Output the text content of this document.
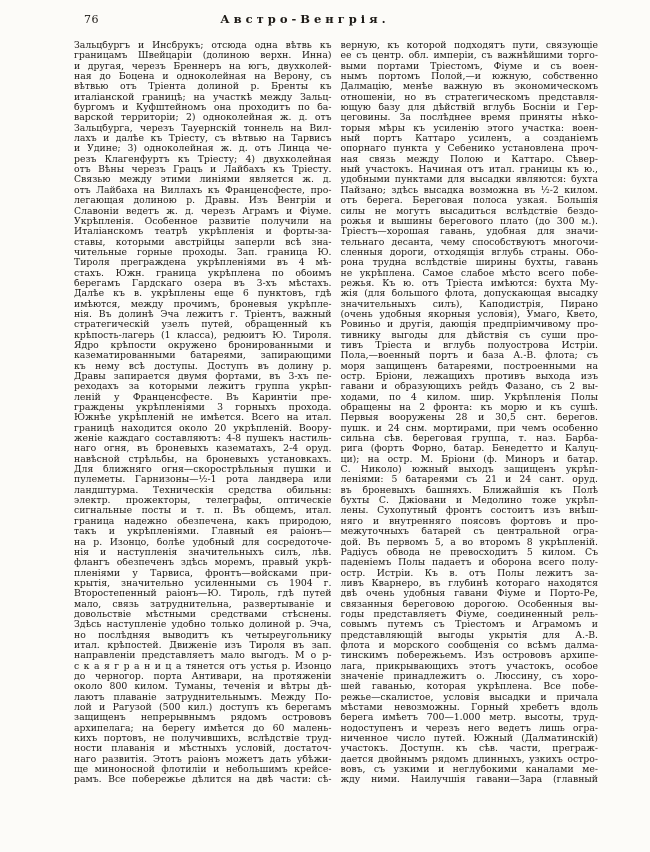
76	Австро-Венгрія.
Зальцбургъ и Инсбрукъ; отсюда одна вѣтвь къ
границамъ Швейцаріи (долиною верхн. Инна)
и другая, черезъ Бреннеръ на югъ, двухколей-
ная до Боцена и одноколейная на Верону, съ
вѣтвью отъ Тріента долиной р. Бренты къ
италіанской границѣ; на участкѣ между Зальц-
бургомъ и Куфштейномъ она проходитъ по ба-
варской территоріи; 2) одноколейная ж. д. отъ
Зальцбурга, черезъ Тауернскій тоннель на Вил-
лахъ и далѣе къ Тріесту, съ вѣтвью на Тарвисъ
и Удине; 3) одноколейная ж. д. отъ Линца че-
резъ Клагенфуртъ къ Тріесту; 4) двухколейная
отъ Вѣны черезъ Грацъ и Лайбахъ къ Тріесту.
Связью между этими линіями является ж. д.
отъ Лайбаха на Виллахъ къ Франценсфесте, про-
легающая долиною р. Дравы. Изъ Венгріи и
Славоніи ведетъ ж. д. черезъ Аграмъ и Фіуме.
Укрѣпленія. Особенное развитіе получили на
Италіанскомъ театрѣ укрѣпленія и форты-за-
ставы, которыми австрійцы заперли всѣ зна-
чительные горные проходы. Зап. граница Ю.
Тироля преграждена укрѣпленіями въ 4 мѣ-
стахъ. Южн. граница укрѣплена по обоимъ
берегамъ Гардскаго озера въ 3-хъ мѣстахъ.
Далѣе къ в. укрѣплены еще 6 пунктовъ, гдѣ
имѣются, между прочимъ, броневыя укрѣпле-
нія. Въ долинѣ Эча лежитъ г. Тріентъ, важный
стратегическій узелъ путей, обращенный къ
крѣпость-лагерь (1 класса), редюитъ Ю. Тироля.
Ядро крѣпости окружено бронированными и
казематированными батареями, запирающими
къ нему всѣ доступы. Доступъ въ долину р.
Дравы запирается двумя фортами, въ 3-хъ пе-
реходахъ за которыми лежитъ группа укрѣп-
леній у Франценсфесте. Въ Каринтіи пре-
граждены укрѣпленіями 3 горныхъ прохода.
Южнѣе укрѣпленій не имѣется. Всего на итал.
границѣ находится около 20 укрѣпленій. Воору-
женіе каждаго составляютъ: 4-8 пушекъ настиль-
наго огня, въ броневыхъ казематахъ, 2-4 оруд.
навѣсной стрѣльбы, на броневыхъ установкахъ.
Для ближняго огня—скорострѣльныя пушки и
пулеметы. Гарнизоны—½-1 рота ландвера или
ландштурма. Техническія средства обильны:
электр. прожекторы, телеграфы, оптическіе
сигнальные посты и т. п. Въ общемъ, итал.
граница надежно обезпечена, какъ природою,
такъ и укрѣпленіями. Главный ея раіонъ—
на р. Изонцо, болѣе удобный для сосредоточе-
нія и наступленія значительныхъ силъ, лѣв.
флангъ обезпеченъ здѣсь моремъ, правый укрѣ-
пленіями у Тарвиса, фронтъ—войсками при-
крытія, значительно усиленными съ 1904 г.
Второстепенный раіонъ—Ю. Тироль, гдѣ путей
мало, связь затруднительна, развертываніе и
довольствіе мѣстными средствами стѣснены.
Здѣсь наступленіе удобно только долиной р. Эча,
но послѣдняя выводитъ къ четыреугольнику
итал. крѣпостей. Движеніе изъ Тироля въ зап.
направленіи представляетъ мало выгодъ. М о р-
с к а я г р а н и ц а тянется отъ устья р. Изонцо
до черногор. порта Антивари, на протяженіи
около 800 килом. Туманы, теченія и вѣтры дѣ-
лаютъ плаваніе затруднительнымъ. Между По-
лой и Рагузой (500 кил.) доступъ къ берегамъ
защищенъ непрерывнымъ рядомъ острововъ
архипелага; на берегу имѣется до 60 малень-
кихъ портовъ, не получившихъ, вслѣдствіе труд-
ности плаванія и мѣстныхъ условій, достаточ-
наго развитія. Этотъ раіонъ можетъ дать убѣжи-
ще миноносной флотиліи и небольшимъ крейсе-
рамъ. Все побережье дѣлится на двѣ части: сѣ-
верную, къ которой подходятъ пути, связующіе
ее съ центр. обл. имперіи, съ важнѣйшими торго-
выми портами Тріестомъ, Фіуме и съ воен-
нымъ портомъ Полой,—и южную, собственно
Далмацію, менѣе важную въ экономическомъ
отношеніи, но въ стратегическомъ представля-
ющую базу для дѣйствій вглубь Босніи и Гер-
цеговины. За послѣднее время приняты нѣко-
торыя мѣры къ усиленію этого участка: воен-
ный портъ Каттаро усиленъ, а созданіемъ
опорнаго пункта у Себенико установлена проч-
ная связь между Полою и Каттаро. Сѣвер-
ный участокъ. Начиная отъ итал. границы къ ю.,
удобными пунктами для высадки являются: бухта
Пайзано; здѣсь высадка возможна въ ½-2 килом.
отъ берега. Береговая полоса узкая. Большія
силы не могутъ высадиться вслѣдствіе бездо-
рожья и вышины берегового плато (до 300 м.).
Тріестъ—хорошая гавань, удобная для значи-
тельнаго десанта, чему способствуютъ многочи-
сленныя дороги, отходящія вглубь страны. Обо-
рона трудна вслѣдствіе ширины бухты, гавань
не укрѣплена. Самое слабое мѣсто всего побе-
режья. Къ ю. отъ Тріеста имѣются: бухта Му-
жія (для большого флота, допускающая высадку
значительныхъ силъ), Каподистрія, Пирано
(очень удобныя якорныя условія), Умаго, Квето,
Ровиньо и другія, дающія предпріимчивому про-
тивнику выгоды для дѣйствія съ суши про-
тивъ Тріеста и вглубь полуострова Истріи.
Пола,—военный портъ и база А.-В. флота; съ
моря защищенъ батареями, построенными на
остр. Бріони, лежащихъ противъ выхода изъ
гавани и образующихъ рейдъ Фазано, съ 2 вы-
ходами, по 4 килом. шир. Укрѣпленія Полы
обращены на 2 фронта: къ морю и къ сушѣ.
Первыя вооружены 28 и 30,5 снт. берегов.
пушк. и 24 снм. мортирами, при чемъ особенно
сильна сѣв. береговая группа, т. наз. Барба-
рига (фортъ Форно, батар. Бенедетто и Калуц-
ци); на остр. М. Бріони (ф. Миноръ и батар.
С. Николо) южный выходъ защищенъ укрѣп-
леніями: 5 батареями съ 21 и 24 сант. оруд.
въ броневыхъ башняхъ. Ближайшія къ Полѣ
бухты С. Джіовани и Медолино тоже укрѣп-
лены. Сухопутный фронтъ состоитъ изъ внѣш-
няго и внутренняго поясовъ фортовъ и про-
межуточныхъ батарей съ центральной огра-
дой. Въ первомъ 5, а во второмъ 8 укрѣпленій.
Радіусъ обвода не превосходитъ 5 килом. Съ
паденіемъ Полы падаетъ и оборона всего полу-
остр. Истріи. Къ в. отъ Полы лежитъ за-
ливъ Кварнеро, въ глубинѣ котораго находятся
двѣ очень удобныя гавани Фіуме и Порто-Ре,
связанныя береговою дорогою. Особенныя вы-
годы представляетъ Фіуме, соединенный рель-
совымъ путемъ съ Тріестомъ и Аграмомъ и
представляющій выгоды укрытія для А.-В.
флота и морского сообщенія со всѣмъ далма-
тинскимъ побережьемъ. Изъ острововъ архипе-
лага, прикрывающихъ этотъ участокъ, особое
значеніе принадлежитъ о. Люссину, съ хоро-
шей гаванью, которая укрѣплена. Все побе-
режье—скалистое, условія высадки и причала
мѣстами невозможны. Горный хребетъ вдоль
берега имѣетъ 700—1.000 метр. высоты, труд-
нодоступенъ и черезъ него ведетъ лишь огра-
ниченное число путей. Южный (Далматинскій)
участокъ. Доступн. къ сѣв. части, преграж-
дается двойнымъ рядомъ длинныхъ, узкихъ остро-
вовъ, съ узкими и неглубокими каналами ме-
жду ними. Наилучшія гавани—Зара (главный
